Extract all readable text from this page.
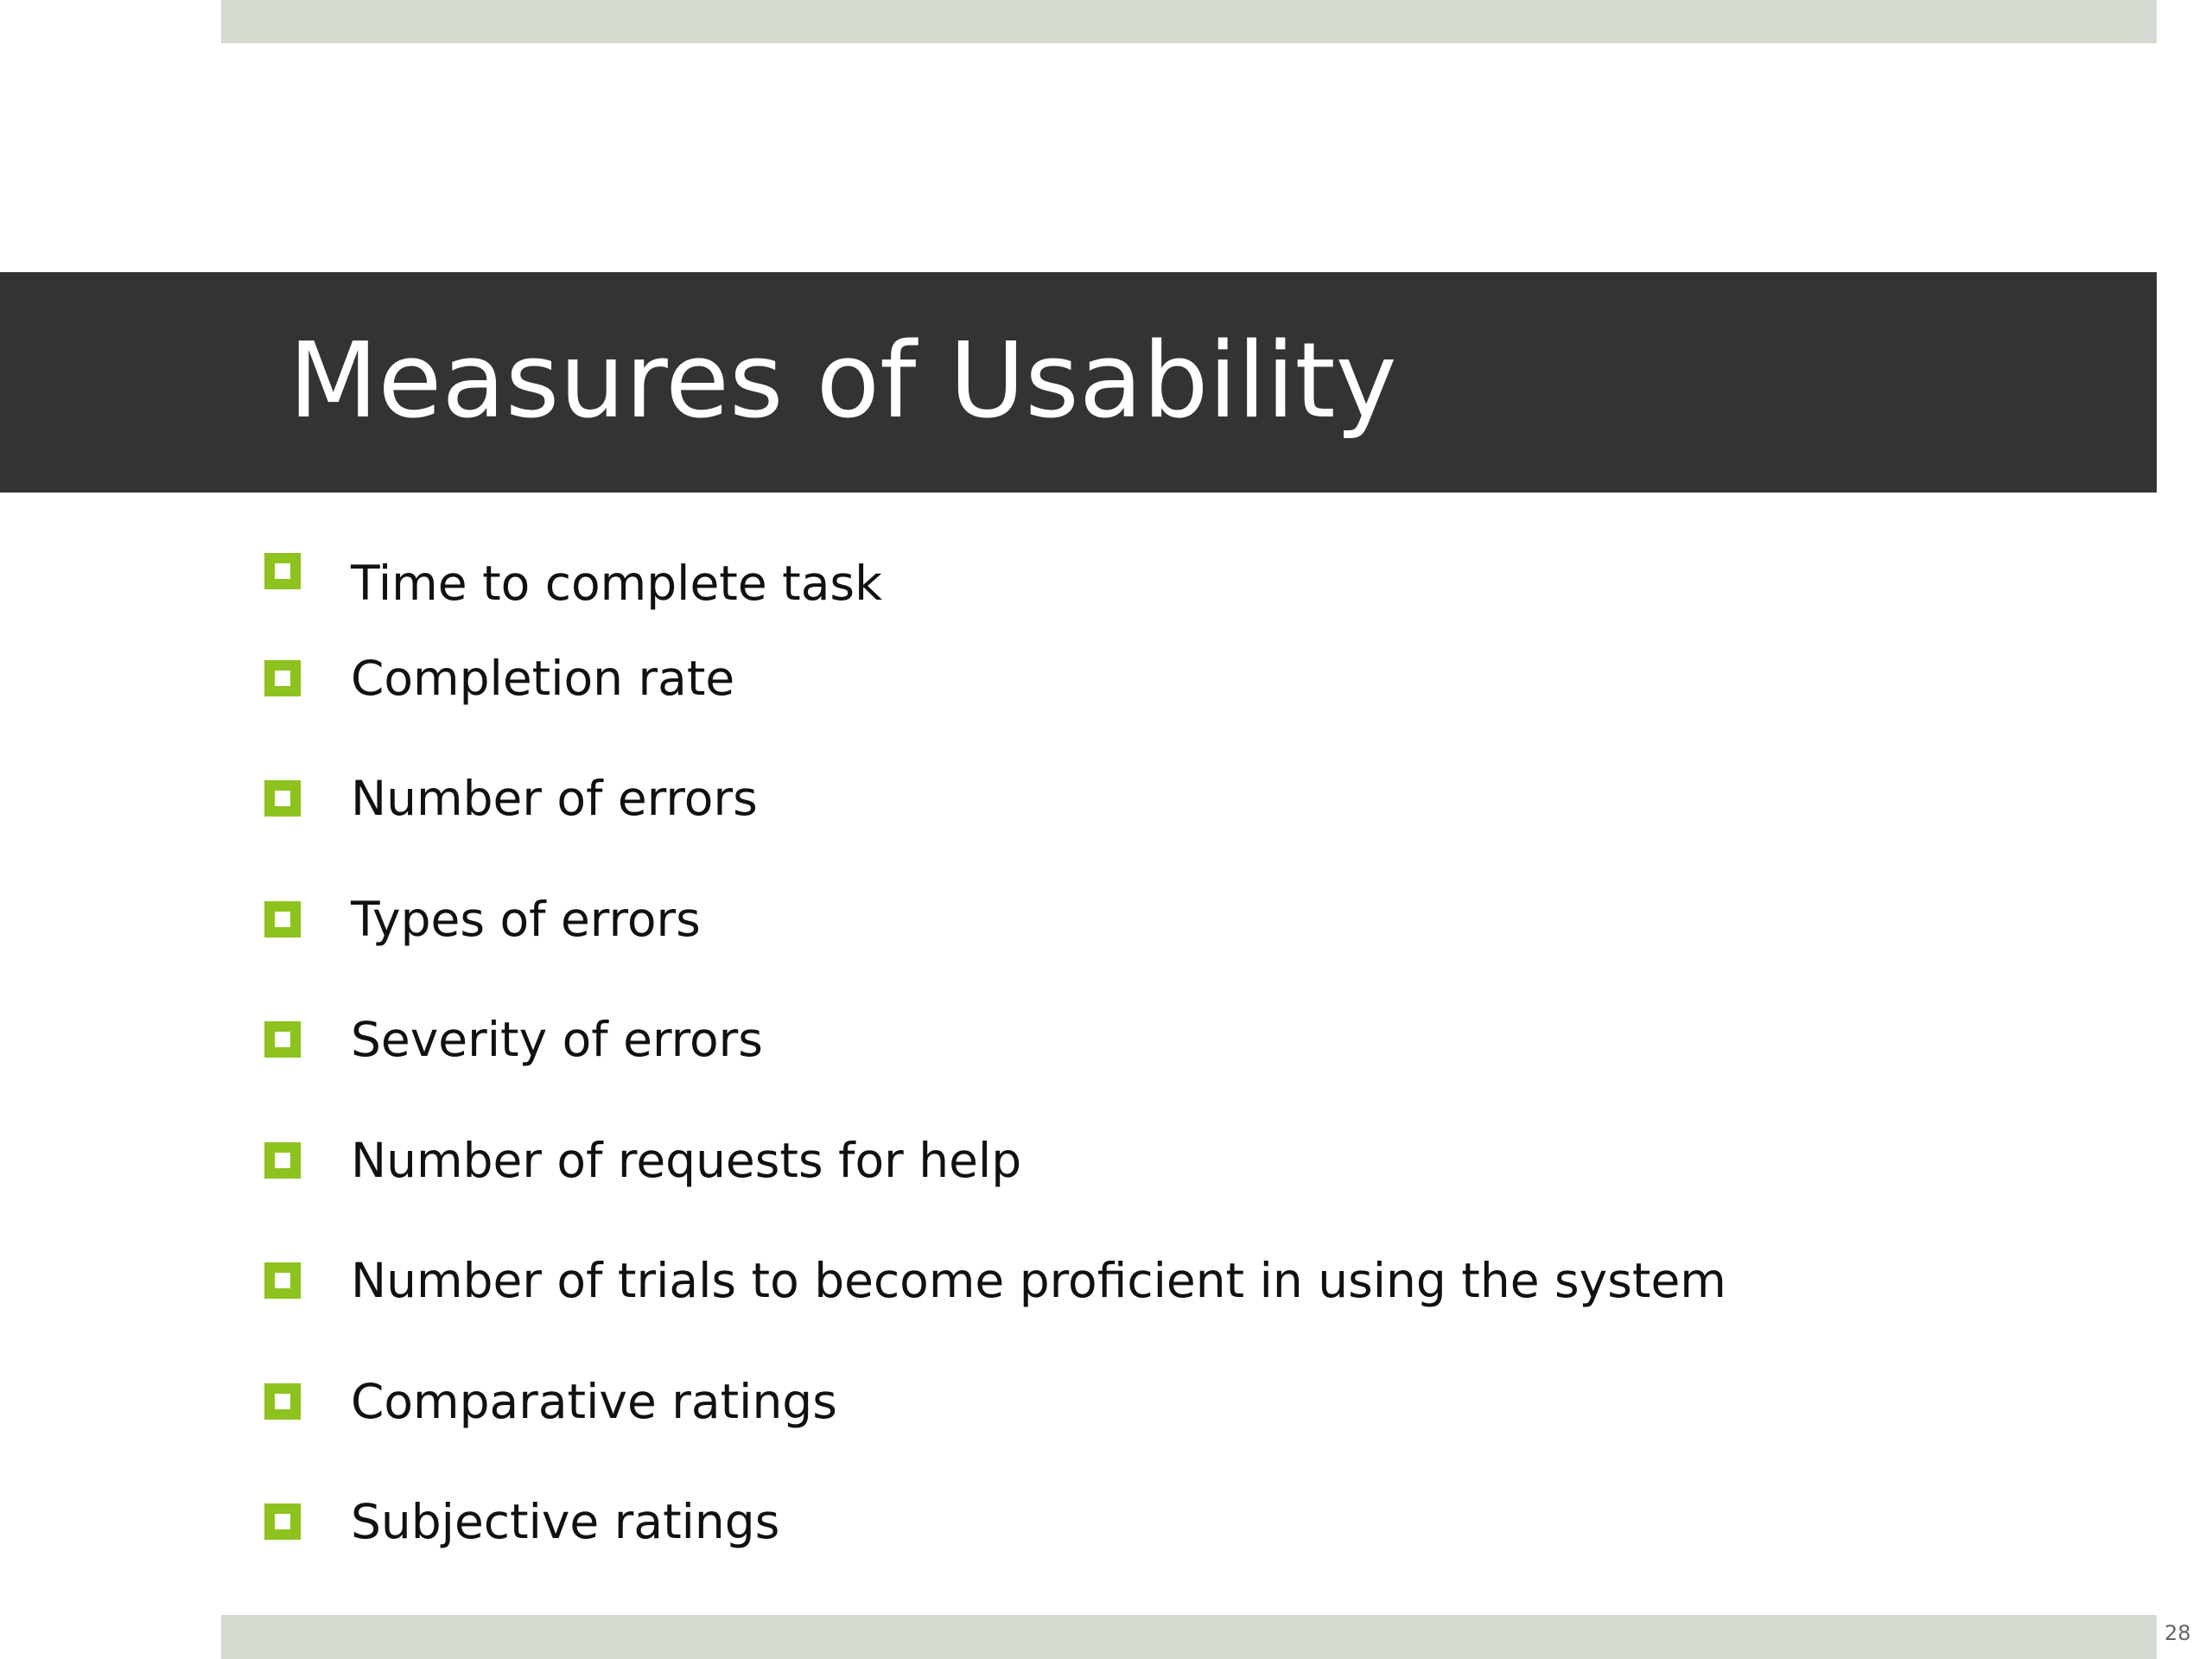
Measures of Usability
Time to complete task
Completion rate
Number of errors
Types of errors
Severity of errors
Number of requests for help
Number of trials to become proficient in using the system
Comparative ratings
Subjective ratings
28
